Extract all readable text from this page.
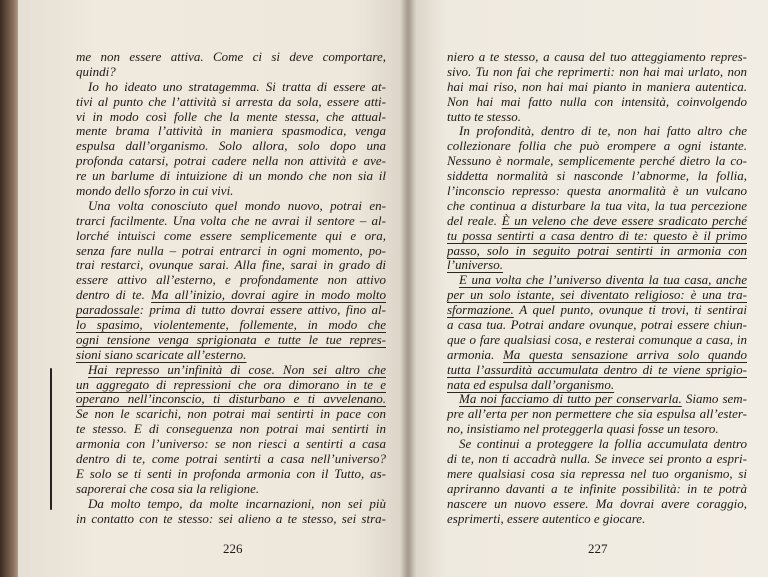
me non essere attiva. Come ci si deve comportare,
quindi?
Io ho ideato uno stratagemma. Si tratta di essere at-
tivi al punto che l’attività si arresta da sola, essere atti-
vi in modo così folle che la mente stessa, che attual-
mente brama l’attività in maniera spasmodica, venga
espulsa dall’organismo. Solo allora, solo dopo una
profonda catarsi, potrai cadere nella non attività e ave-
re un barlume di intuizione di un mondo che non sia il
mondo dello sforzo in cui vivi.
Una volta conosciuto quel mondo nuovo, potrai en-
trarci facilmente. Una volta che ne avrai il sentore – al-
lorché intuisci come essere semplicemente qui e ora,
senza fare nulla – potrai entrarci in ogni momento, po-
trai restarci, ovunque sarai. Alla fine, sarai in grado di
essere attivo all’esterno, e profondamente non attivo
dentro di te. Ma all’inizio, dovrai agire in modo molto
paradossale: prima di tutto dovrai essere attivo, fino al-
lo spasimo, violentemente, follemente, in modo che
ogni tensione venga sprigionata e tutte le tue repres-
sioni siano scaricate all’esterno.
Hai represso un’infinità di cose. Non sei altro che
un aggregato di repressioni che ora dimorano in te e
operano nell’inconscio, ti disturbano e ti avvelenano.
Se non le scarichi, non potrai mai sentirti in pace con
te stesso. E di conseguenza non potrai mai sentirti in
armonia con l’universo: se non riesci a sentirti a casa
dentro di te, come potrai sentirti a casa nell’universo?
E solo se ti senti in profonda armonia con il Tutto, as-
saporerai che cosa sia la religione.
Da molto tempo, da molte incarnazioni, non sei più
in contatto con te stesso: sei alieno a te stesso, sei stra-
226
niero a te stesso, a causa del tuo atteggiamento repres-
sivo. Tu non fai che reprimerti: non hai mai urlato, non
hai mai riso, non hai mai pianto in maniera autentica.
Non hai mai fatto nulla con intensità, coinvolgendo
tutto te stesso.
In profondità, dentro di te, non hai fatto altro che
collezionare follia che può erompere a ogni istante.
Nessuno è normale, semplicemente perché dietro la co-
siddetta normalità si nasconde l’abnorme, la follia,
l’inconscio represso: questa anormalità è un vulcano
che continua a disturbare la tua vita, la tua percezione
del reale. È un veleno che deve essere sradicato perché
tu possa sentirti a casa dentro di te: questo è il primo
passo, solo in seguito potrai sentirti in armonia con
l’universo.
E una volta che l’universo diventa la tua casa, anche
per un solo istante, sei diventato religioso: è una tra-
sformazione. A quel punto, ovunque ti trovi, ti sentirai
a casa tua. Potrai andare ovunque, potrai essere chiun-
que o fare qualsiasi cosa, e resterai comunque a casa, in
armonia. Ma questa sensazione arriva solo quando
tutta l’assurdità accumulata dentro di te viene sprigio-
nata ed espulsa dall’organismo.
Ma noi facciamo di tutto per conservarla. Siamo sem-
pre all’erta per non permettere che sia espulsa all’ester-
no, insistiamo nel proteggerla quasi fosse un tesoro.
Se continui a proteggere la follia accumulata dentro
di te, non ti accadrà nulla. Se invece sei pronto a espri-
mere qualsiasi cosa sia repressa nel tuo organismo, si
apriranno davanti a te infinite possibilità: in te potrà
nascere un nuovo essere. Ma dovrai avere coraggio,
esprimerti, essere autentico e giocare.
227
